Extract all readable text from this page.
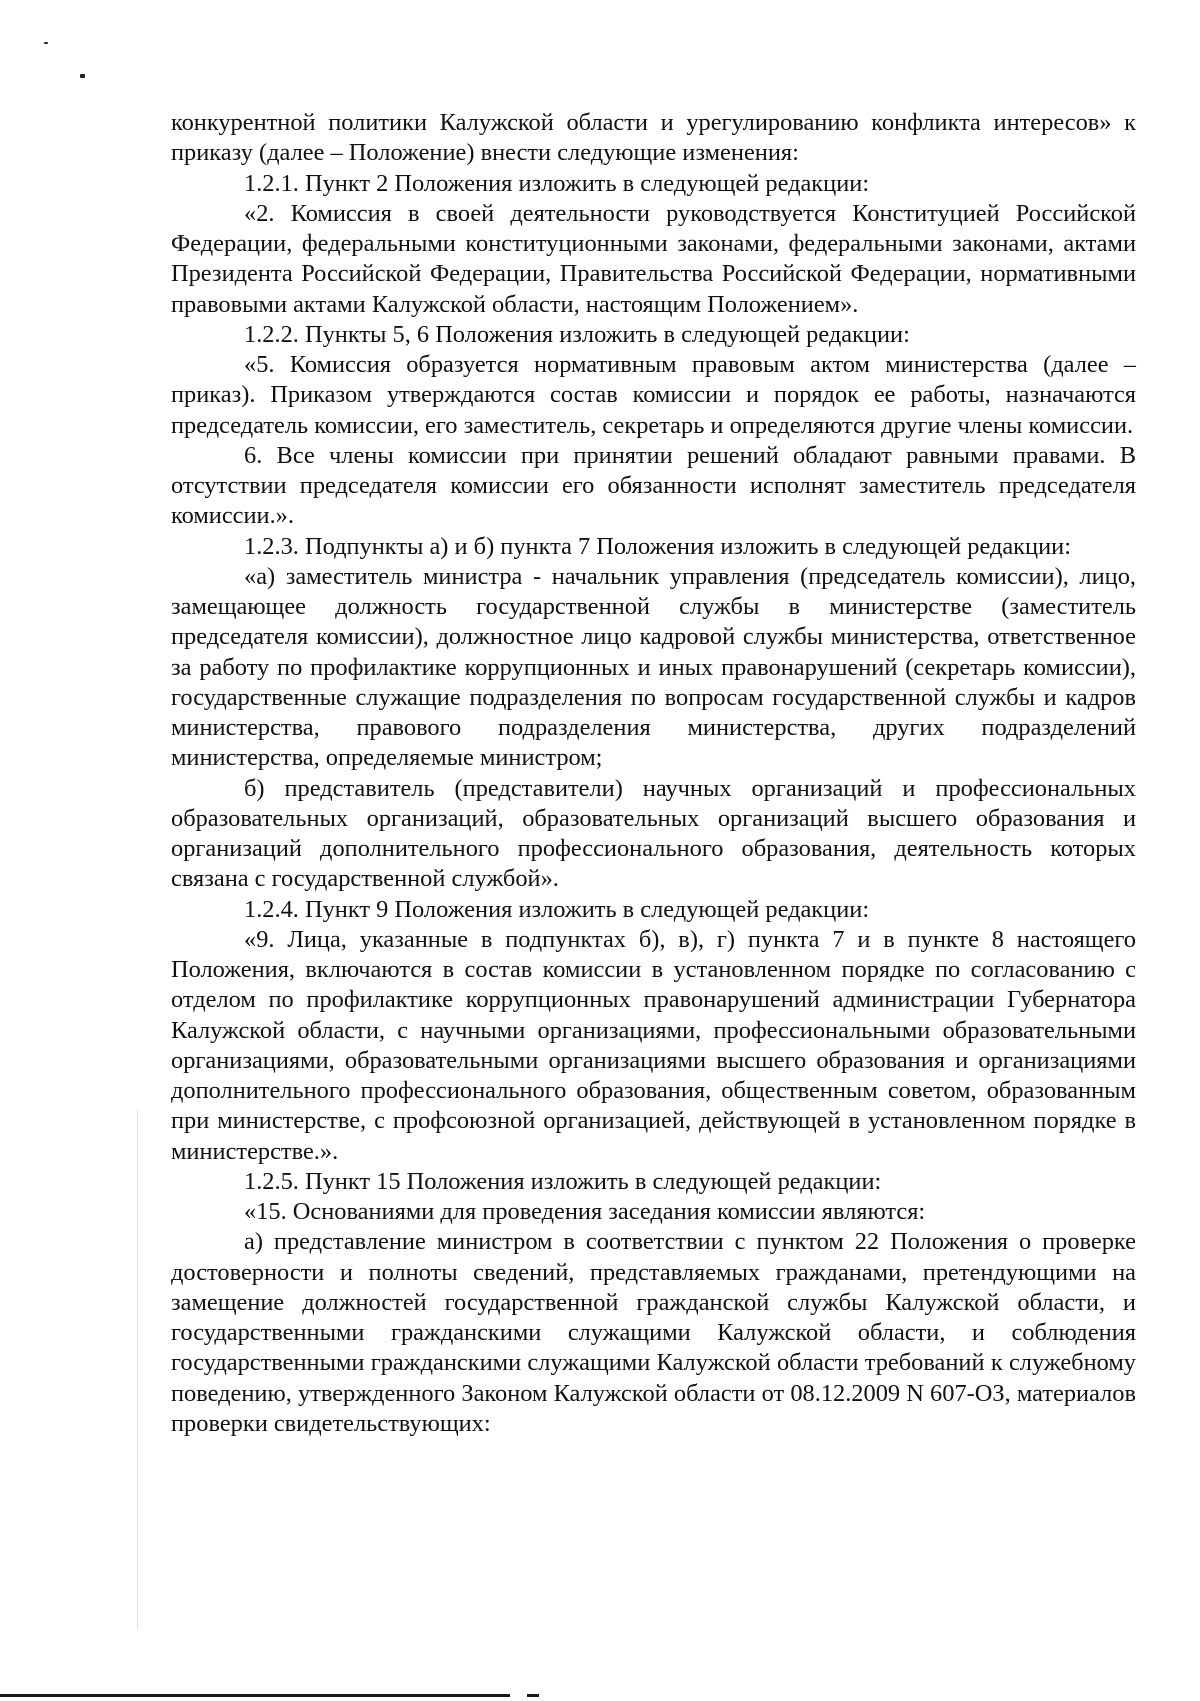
конкурентной политики Калужской области и урегулированию конфликта интересов» к приказу (далее – Положение) внести следующие изменения:

1.2.1. Пункт 2 Положения изложить в следующей редакции:

«2. Комиссия в своей деятельности руководствуется Конституцией Российской Федерации, федеральными конституционными законами, федеральными законами, актами Президента Российской Федерации, Правительства Российской Федерации, нормативными правовыми актами Калужской области, настоящим Положением».

1.2.2. Пункты 5, 6 Положения изложить в следующей редакции:

«5. Комиссия образуется нормативным правовым актом министерства (далее – приказ). Приказом утверждаются состав комиссии и порядок ее работы, назначаются председатель комиссии, его заместитель, секретарь и определяются другие члены комиссии.

6. Все члены комиссии при принятии решений обладают равными правами. В отсутствии председателя комиссии его обязанности исполнят заместитель председателя комиссии.».

1.2.3. Подпункты а) и б) пункта 7 Положения изложить в следующей редакции:

«а) заместитель министра - начальник управления (председатель комиссии), лицо, замещающее должность государственной службы в министерстве (заместитель председателя комиссии), должностное лицо кадровой службы министерства, ответственное за работу по профилактике коррупционных и иных правонарушений (секретарь комиссии), государственные служащие подразделения по вопросам государственной службы и кадров министерства, правового подразделения министерства, других подразделений министерства, определяемые министром;

б) представитель (представители) научных организаций и профессиональных образовательных организаций, образовательных организаций высшего образования и организаций дополнительного профессионального образования, деятельность которых связана с государственной службой».

1.2.4. Пункт 9 Положения изложить в следующей редакции:

«9. Лица, указанные в подпунктах б), в), г) пункта 7 и в пункте 8 настоящего Положения, включаются в состав комиссии в установленном порядке по согласованию с отделом по профилактике коррупционных правонарушений администрации Губернатора Калужской области, с научными организациями, профессиональными образовательными организациями, образовательными организациями высшего образования и организациями дополнительного профессионального образования, общественным советом, образованным при министерстве, с профсоюзной организацией, действующей в установленном порядке в министерстве.».

1.2.5. Пункт 15 Положения изложить в следующей редакции:

«15. Основаниями для проведения заседания комиссии являются:

а) представление министром в соответствии с пунктом 22 Положения о проверке достоверности и полноты сведений, представляемых гражданами, претендующими на замещение должностей государственной гражданской службы Калужской области, и государственными гражданскими служащими Калужской области, и соблюдения государственными гражданскими служащими Калужской области требований к служебному поведению, утвержденного Законом Калужской области от 08.12.2009 N 607-ОЗ, материалов проверки свидетельствующих:
